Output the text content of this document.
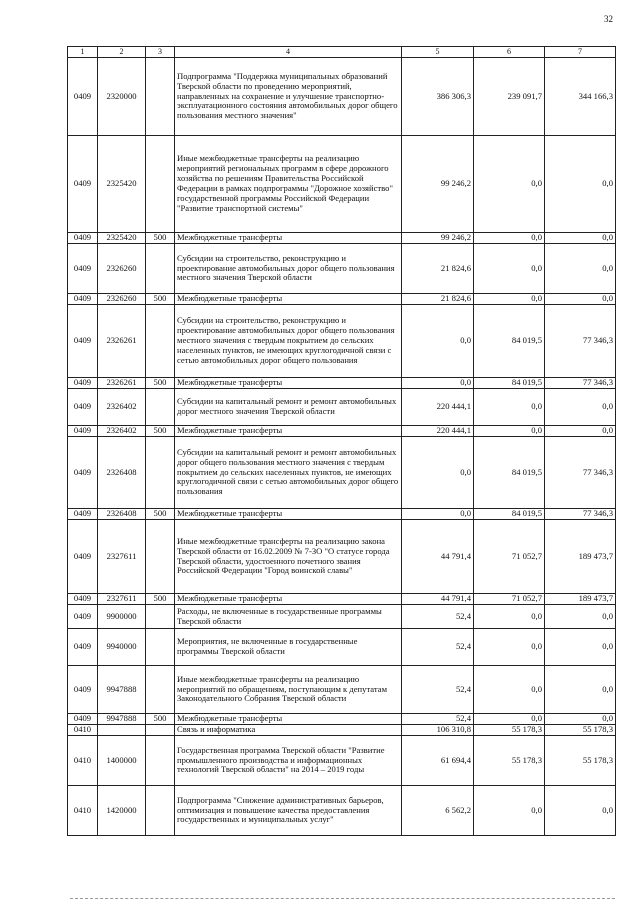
32
1	2	3	4	5	6	7
0409	2320000		Подпрограмма "Поддержка муниципальных образований Тверской области по проведению мероприятий, направленных на сохранение и улучшение транспортно-эксплуатационного состояния автомобильных дорог общего пользования местного значения"	386 306,3	239 091,7	344 166,3
0409	2325420		Иные межбюджетные трансферты на реализацию мероприятий региональных программ в сфере дорожного хозяйства по решениям Правительства Российской Федерации в рамках подпрограммы "Дорожное хозяйство" государственной программы Российской Федерации "Развитие транспортной системы"	99 246,2	0,0	0,0
0409	2325420	500	Межбюджетные трансферты	99 246,2	0,0	0,0
0409	2326260		Субсидии на строительство, реконструкцию и проектирование автомобильных дорог общего пользования местного значения Тверской области	21 824,6	0,0	0,0
0409	2326260	500	Межбюджетные трансферты	21 824,6	0,0	0,0
0409	2326261		Субсидии на строительство, реконструкцию и проектирование автомобильных дорог общего пользования местного значения с твердым покрытием до сельских населенных пунктов, не имеющих круглогодичной связи с сетью автомобильных дорог общего пользования	0,0	84 019,5	77 346,3
0409	2326261	500	Межбюджетные трансферты	0,0	84 019,5	77 346,3
0409	2326402		Субсидии на капитальный ремонт и ремонт автомобильных дорог местного значения Тверской области	220 444,1	0,0	0,0
0409	2326402	500	Межбюджетные трансферты	220 444,1	0,0	0,0
0409	2326408		Субсидии на капитальный ремонт и ремонт автомобильных дорог общего пользования местного значения с твердым покрытием до сельских населенных пунктов, не имеющих круглогодичной связи с сетью автомобильных дорог общего пользования	0,0	84 019,5	77 346,3
0409	2326408	500	Межбюджетные трансферты	0,0	84 019,5	77 346,3
0409	2327611		Иные межбюджетные трансферты на реализацию закона Тверской области от 16.02.2009 № 7-ЗО "О статусе города Тверской области, удостоенного почетного звания Российской Федерации "Город воинской славы"	44 791,4	71 052,7	189 473,7
0409	2327611	500	Межбюджетные трансферты	44 791,4	71 052,7	189 473,7
0409	9900000		Расходы, не включенные в государственные программы Тверской области	52,4	0,0	0,0
0409	9940000		Мероприятия, не включенные в государственные программы Тверской области	52,4	0,0	0,0
0409	9947888		Иные межбюджетные трансферты на реализацию мероприятий по обращениям, поступающим к депутатам Законодательного Собрания Тверской области	52,4	0,0	0,0
0409	9947888	500	Межбюджетные трансферты	52,4	0,0	0,0
0410			Связь и информатика	106 310,8	55 178,3	55 178,3
0410	1400000		Государственная программа Тверской области "Развитие промышленного производства и информационных технологий Тверской области" на 2014 – 2019 годы	61 694,4	55 178,3	55 178,3
0410	1420000		Подпрограмма "Снижение административных барьеров, оптимизация и повышение качества предоставления государственных и муниципальных услуг"	6 562,2	0,0	0,0
